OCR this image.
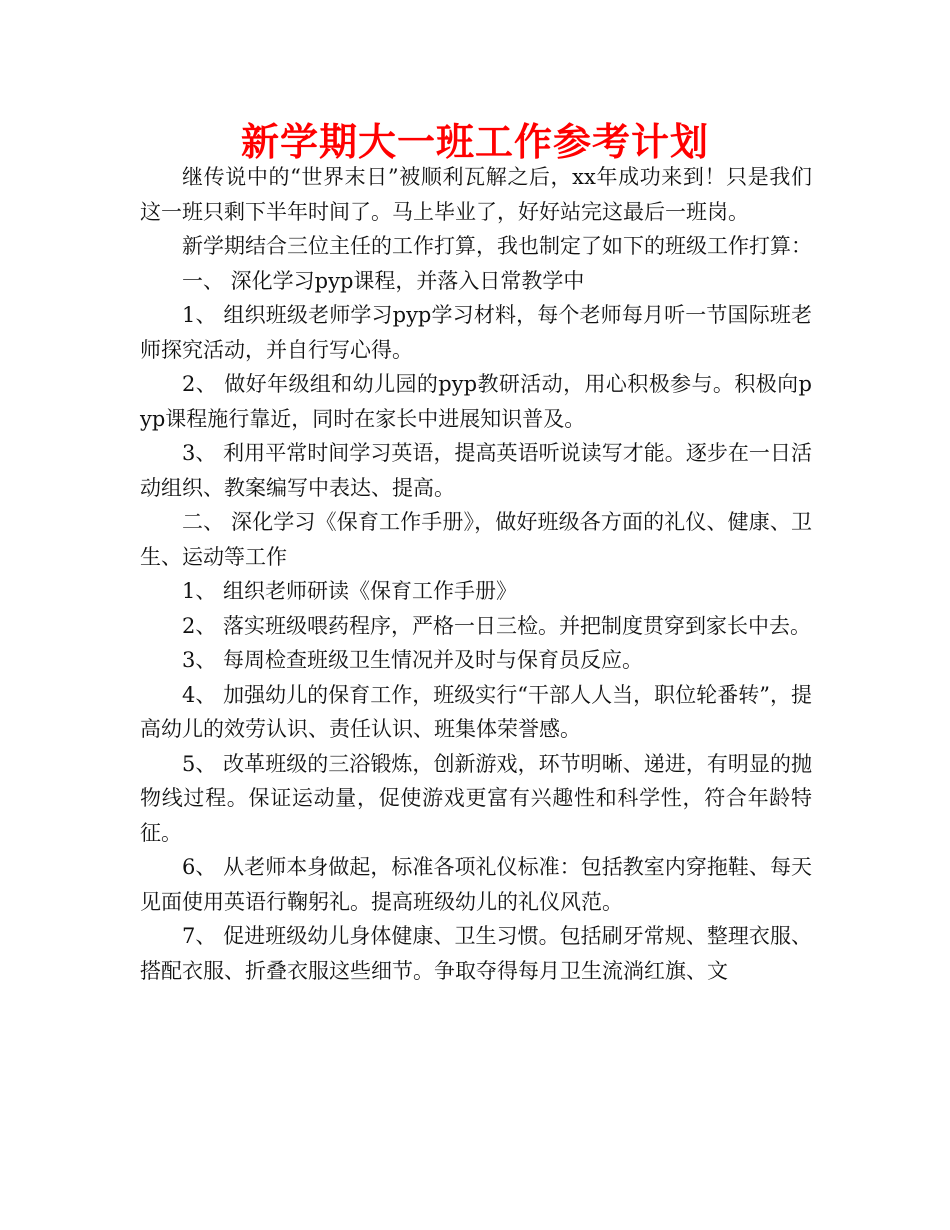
新学期大一班工作参考计划

继传说中的“世界末日”被顺利瓦解之后，xx年成功来到！只是我们这一班只剩下半年时间了。马上毕业了，好好站完这最后一班岗。

新学期结合三位主任的工作打算，我也制定了如下的班级工作打算：

一、 深化学习pyp课程，并落入日常教学中

1、 组织班级老师学习pyp学习材料，每个老师每月听一节国际班老师探究活动，并自行写心得。

2、 做好年级组和幼儿园的pyp教研活动，用心积极参与。积极向pyp课程施行靠近，同时在家长中进展知识普及。

3、 利用平常时间学习英语，提高英语听说读写才能。逐步在一日活动组织、教案编写中表达、提高。

二、 深化学习《保育工作手册》，做好班级各方面的礼仪、健康、卫生、运动等工作

1、 组织老师研读《保育工作手册》

2、 落实班级喂药程序，严格一日三检。并把制度贯穿到家长中去。

3、 每周检查班级卫生情况并及时与保育员反应。

4、 加强幼儿的保育工作，班级实行“干部人人当，职位轮番转”，提高幼儿的效劳认识、责任认识、班集体荣誉感。

5、 改革班级的三浴锻炼，创新游戏，环节明晰、递进，有明显的抛物线过程。保证运动量，促使游戏更富有兴趣性和科学性，符合年龄特征。

6、 从老师本身做起，标准各项礼仪标准：包括教室内穿拖鞋、每天见面使用英语行鞠躬礼。提高班级幼儿的礼仪风范。

7、 促进班级幼儿身体健康、卫生习惯。包括刷牙常规、整理衣服、搭配衣服、折叠衣服这些细节。争取夺得每月卫生流淌红旗、文
